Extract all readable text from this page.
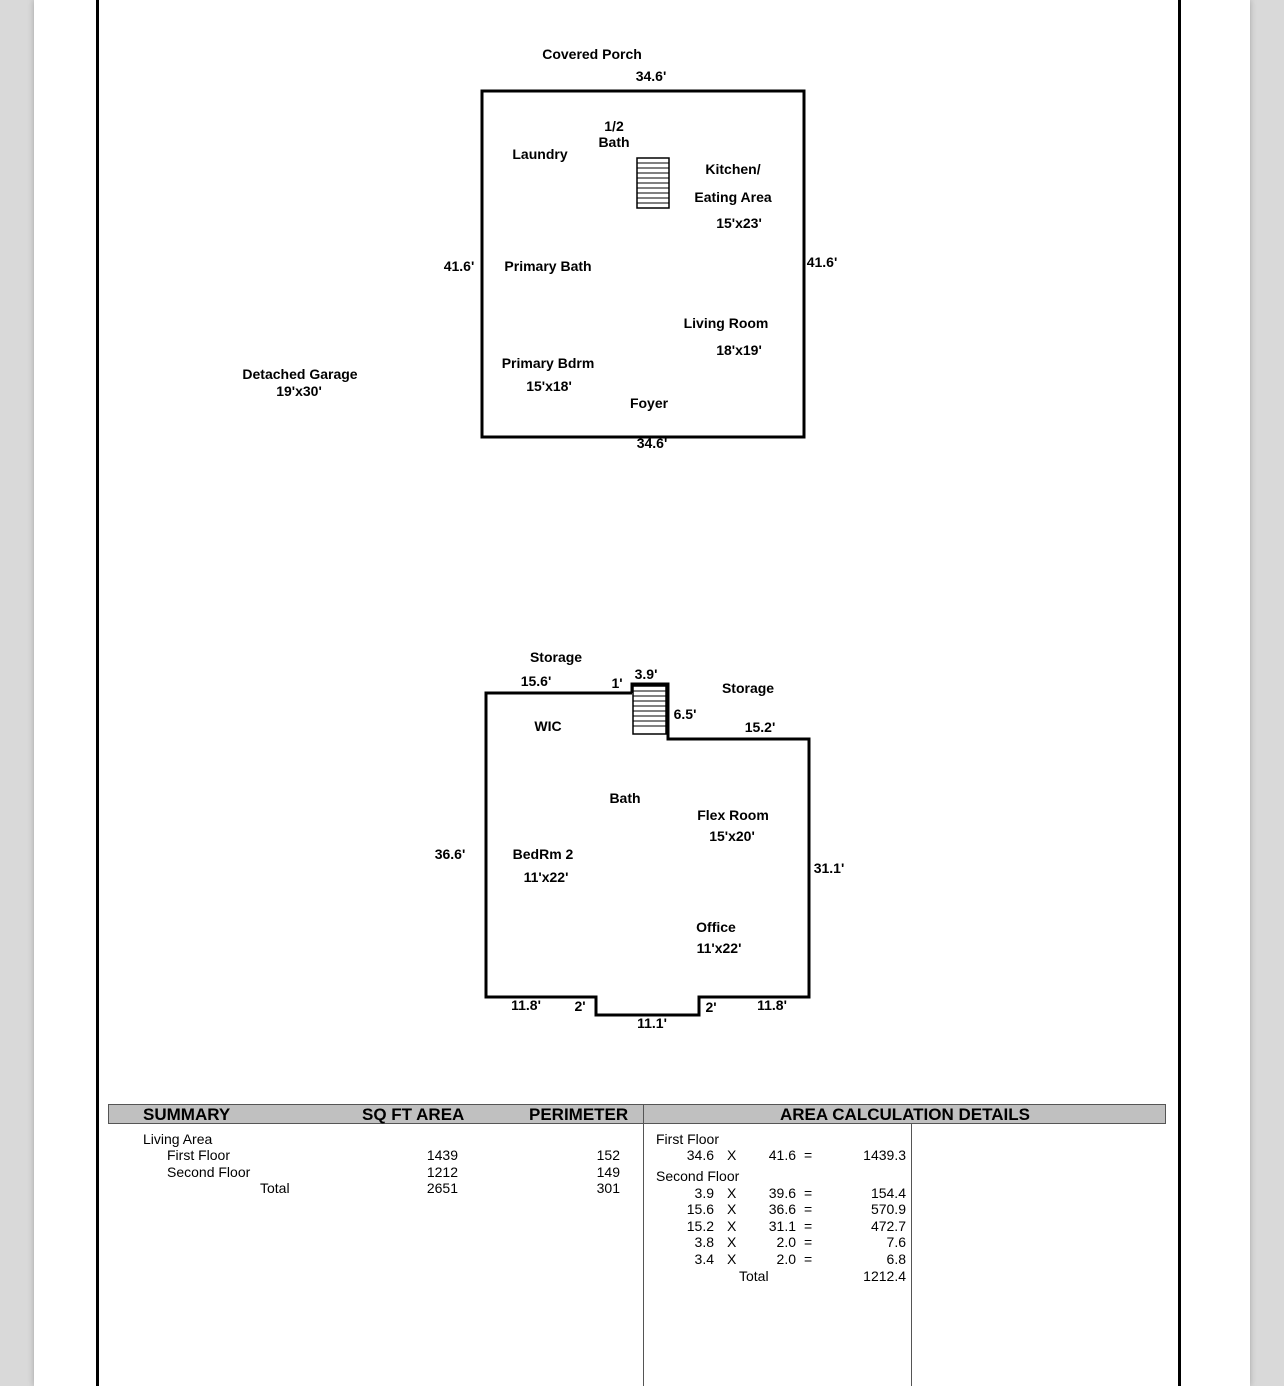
Covered Porch
34.6'
1/2
Bath
Laundry
Kitchen/
Eating Area
15'x23'
41.6'	41.6'
Primary Bath
Living Room
18'x19'
Primary Bdrm
15'x18'
Foyer
34.6'
Detached Garage
19'x30'
Storage
15.6'	1'
3.9'
Storage
6.5'
15.2'
WIC
Bath
Flex Room
15'x20'
36.6'	BedRm 2
11'x22'
31.1'
Office
11'x22'
11.8' 2'
11.1'
2'	11.8'
SUMMARY	SQ FT AREA	PERIMETER	AREA CALCULATION DETAILS
Living Area
First Floor	1439	152
Second Floor	1212	149
Total	2651	301
First Floor
34.6 X	41.6 =	1439.3
Second Floor
3.9 X	39.6 =	154.4
15.6 X	36.6 =	570.9
15.2 X	31.1 =	472.7
3.8 X	2.0 =	7.6
3.4 X	2.0 =	6.8
Total	1212.4
